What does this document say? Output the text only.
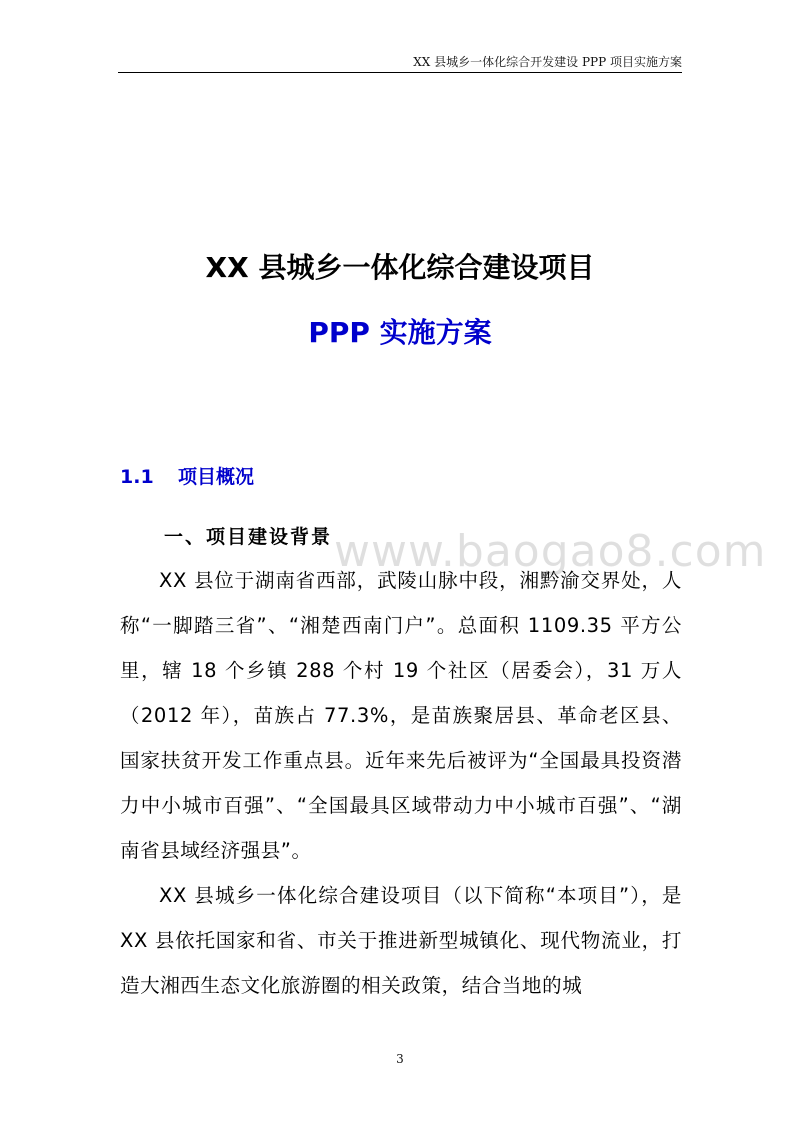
XX 县城乡一体化综合开发建设 PPP 项目实施方案
XX 县城乡一体化综合建设项目
PPP 实施方案
1.1 项目概况
一、项目建设背景 www.baogao8.com

XX 县位于湖南省西部，武陵山脉中段，湘黔渝交界处，人称“一脚踏三省”、“湘楚西南门户”。总面积 1109.35 平方公里，辖 18 个乡镇 288 个村 19 个社区（居委会），31 万人（2012 年），苗族占 77.3%，是苗族聚居县、革命老区县、国家扶贫开发工作重点县。近年来先后被评为“全国最具投资潜力中小城市百强”、“全国最具区域带动力中小城市百强”、“湖南省县域经济强县”。

XX 县城乡一体化综合建设项目（以下简称“本项目”），是 XX 县依托国家和省、市关于推进新型城镇化、现代物流业，打造大湘西生态文化旅游圈的相关政策，结合当地的城

3
